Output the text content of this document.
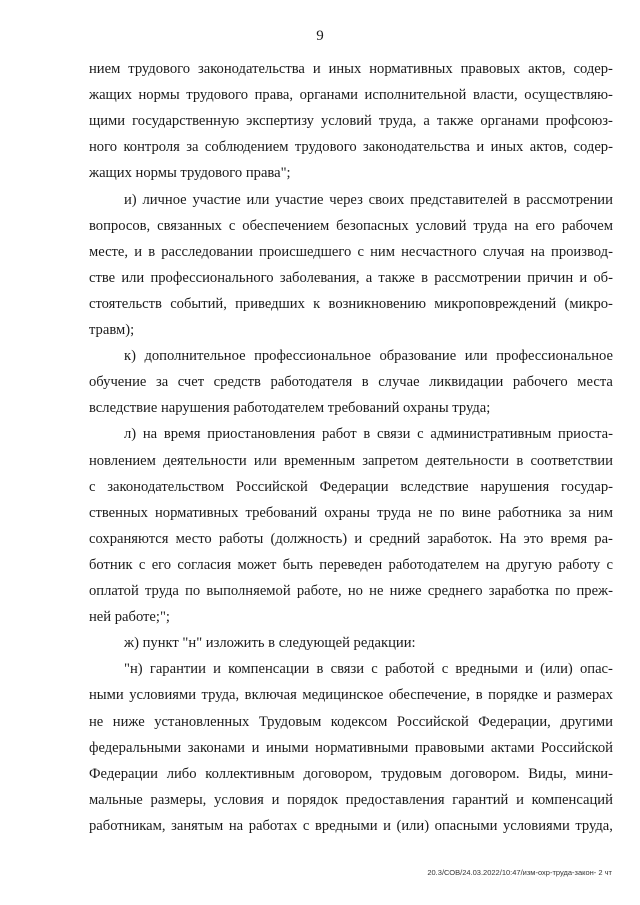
9
нием трудового законодательства и иных нормативных правовых актов, содер-
жащих нормы трудового права, органами исполнительной власти, осуществляю-
щими государственную экспертизу условий труда, а также органами профсоюз-
ного контроля за соблюдением трудового законодательства и иных актов, содер-
жащих нормы трудового права";
и) личное участие или участие через своих представителей в рассмотрении
вопросов, связанных с обеспечением безопасных условий труда на его рабочем
месте, и в расследовании происшедшего с ним несчастного случая на производ-
стве или профессионального заболевания, а также в рассмотрении причин и об-
стоятельств событий, приведших к возникновению микроповреждений (микро-
травм);
к) дополнительное профессиональное образование или профессиональное
обучение за счет средств работодателя в случае ликвидации рабочего места
вследствие нарушения работодателем требований охраны труда;
л) на время приостановления работ в связи с административным приоста-
новлением деятельности или временным запретом деятельности в соответствии
с законодательством Российской Федерации вследствие нарушения государ-
ственных нормативных требований охраны труда не по вине работника за ним
сохраняются место работы (должность) и средний заработок. На это время ра-
ботник с его согласия может быть переведен работодателем на другую работу с
оплатой труда по выполняемой работе, но не ниже среднего заработка по преж-
ней работе;";
ж) пункт "н" изложить в следующей редакции:
"н) гарантии и компенсации в связи с работой с вредными и (или) опас-
ными условиями труда, включая медицинское обеспечение, в порядке и размерах
не ниже установленных Трудовым кодексом Российской Федерации, другими
федеральными законами и иными нормативными правовыми актами Российской
Федерации либо коллективным договором, трудовым договором. Виды, мини-
мальные размеры, условия и порядок предоставления гарантий и компенсаций
работникам, занятым на работах с вредными и (или) опасными условиями труда,
20.3/СОВ/24.03.2022/10:47/изм-охр-труда-закон- 2 чт
